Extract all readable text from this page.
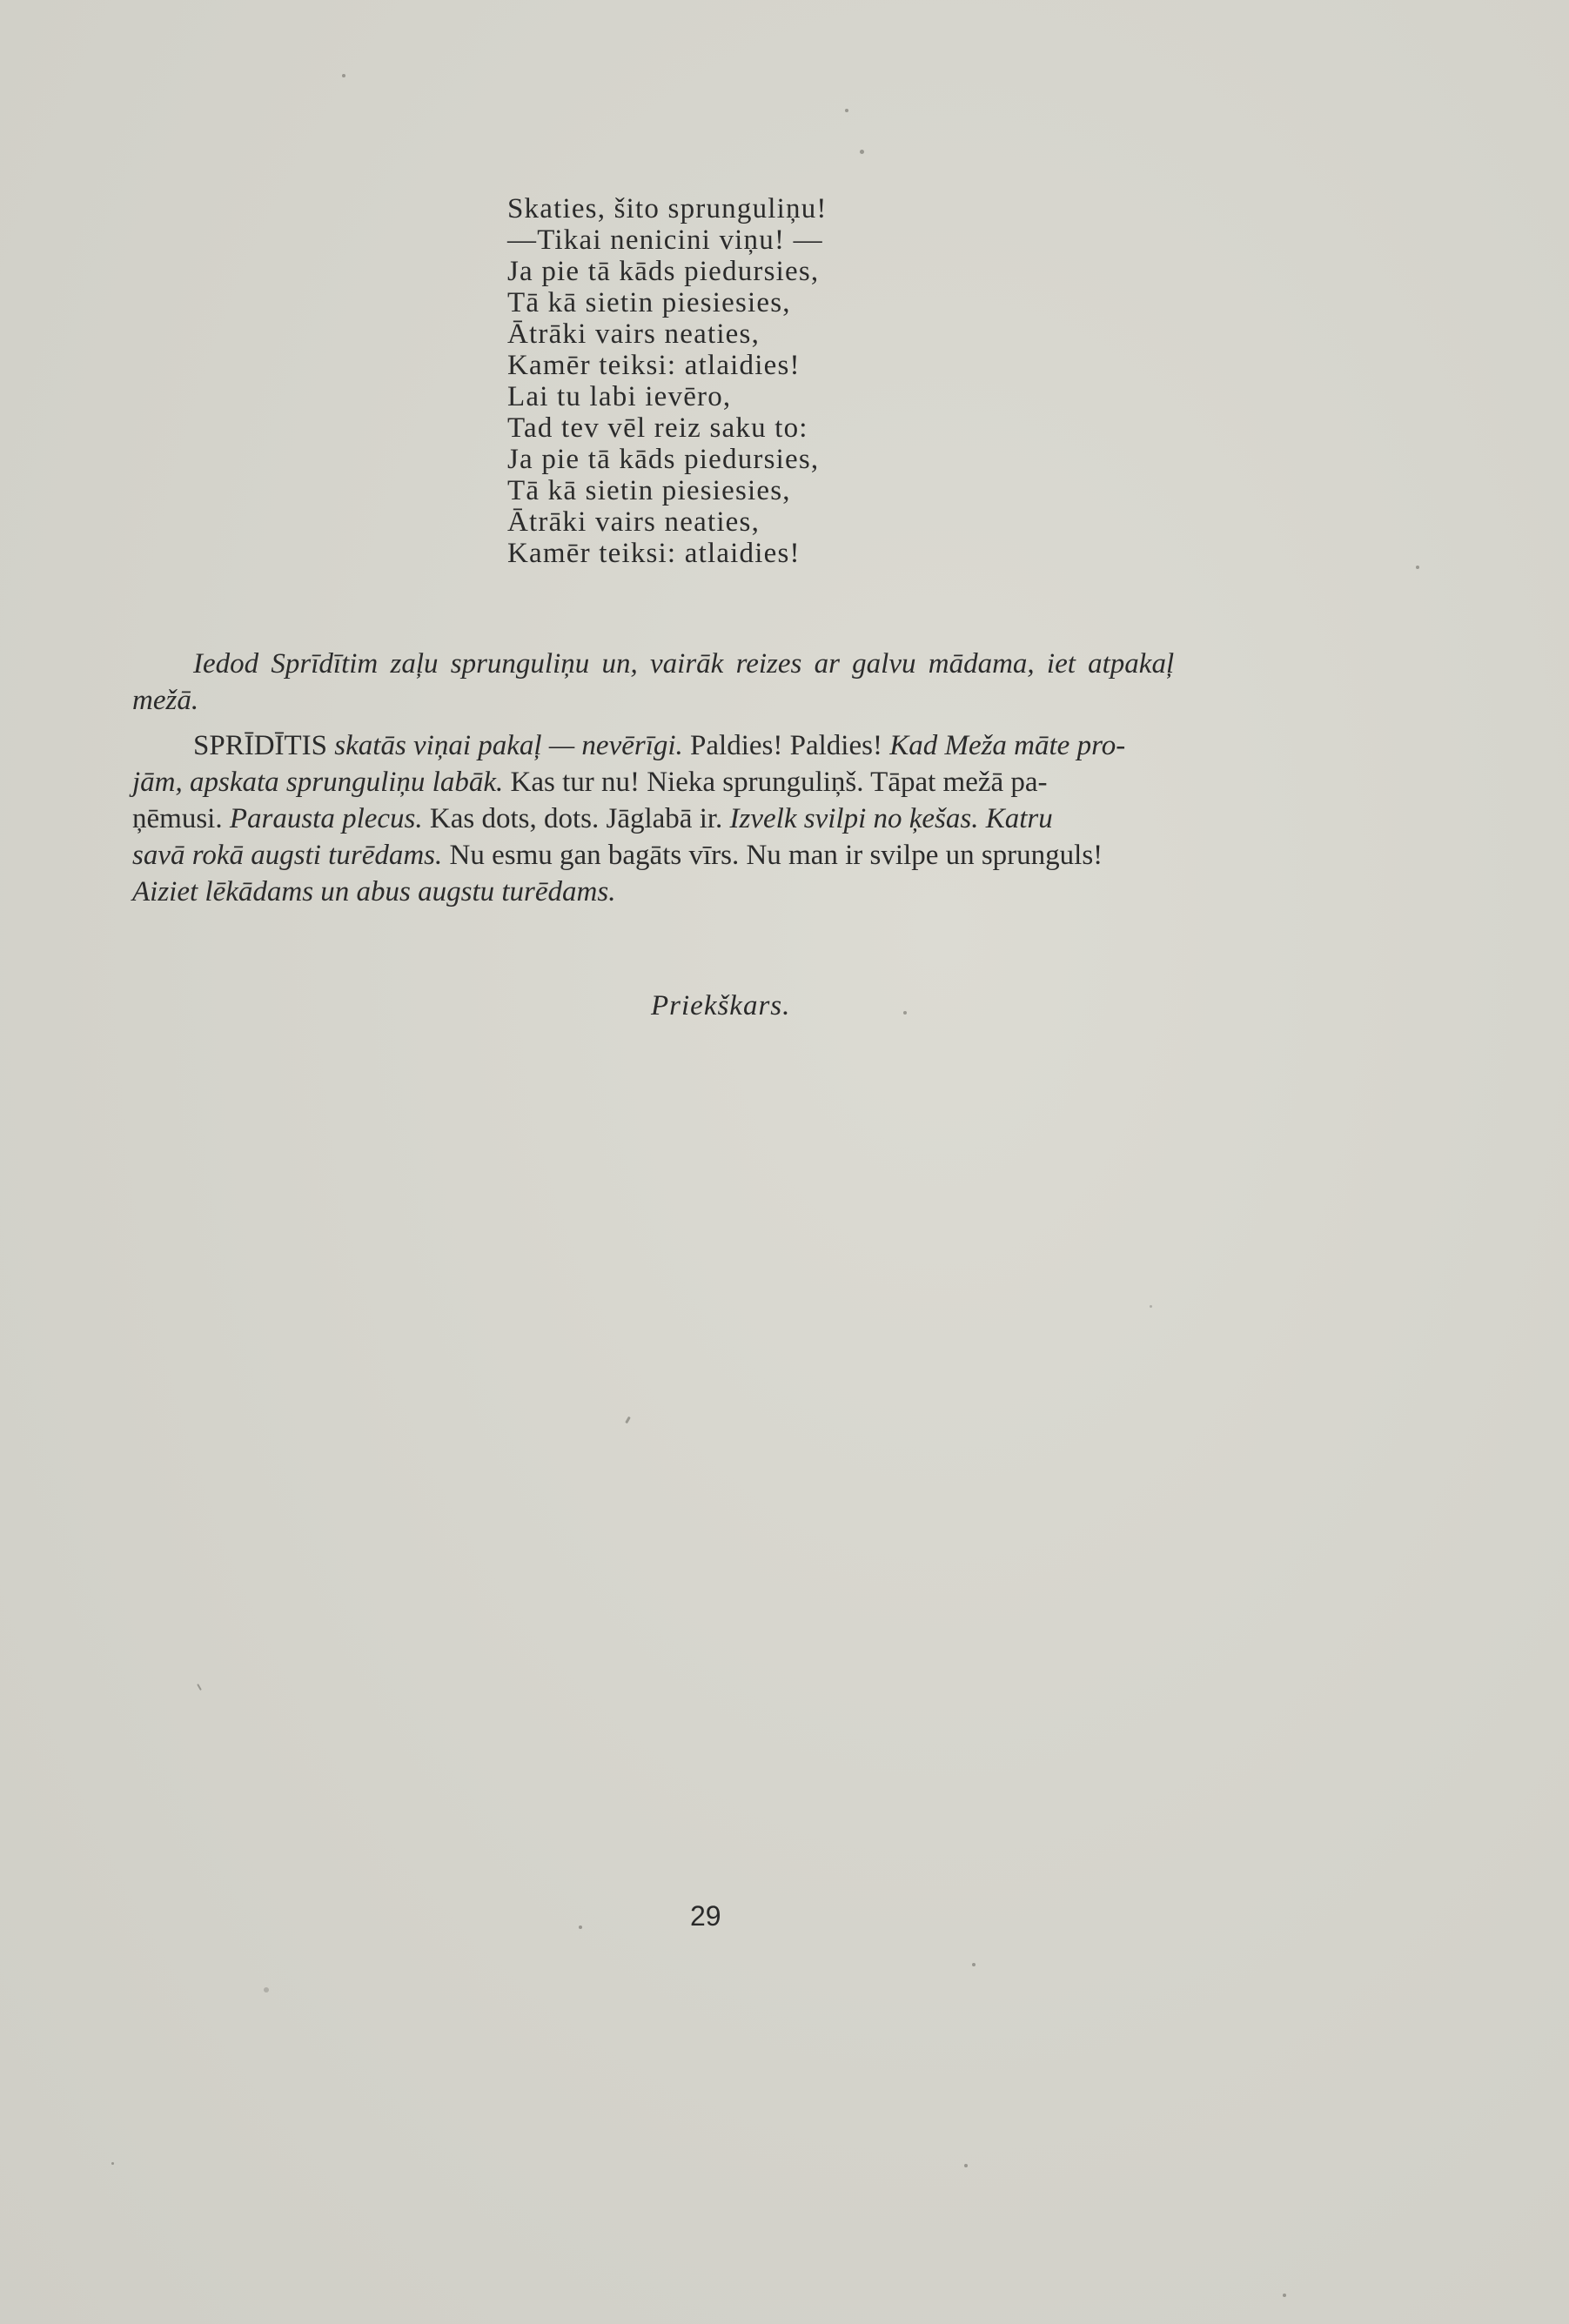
Skaties, šito sprunguliņu!
—Tikai nenicini viņu! —
Ja pie tā kāds piedursies,
Tā kā sietin piesiesies,
Ātrāki vairs neaties,
Kamēr teiksi: atlaidies!
Lai tu labi ievēro,
Tad tev vēl reiz saku to:
Ja pie tā kāds piedursies,
Tā kā sietin piesiesies,
Ātrāki vairs neaties,
Kamēr teiksi: atlaidies!
Iedod Sprīdītim zaļu sprunguliņu un, vairāk reizes ar galvu mādama, iet atpakaļ
mežā.
SPRĪDĪTIS skatās viņai pakaļ — nevērīgi. Paldies! Paldies! Kad Meža māte pro-
jām, apskata sprunguliņu labāk. Kas tur nu! Nieka sprunguliņš. Tāpat mežā pa-
ņēmusi. Parausta plecus. Kas dots, dots. Jāglabā ir. Izvelk svilpi no ķešas. Katru
savā rokā augsti turēdams. Nu esmu gan bagāts vīrs. Nu man ir svilpe un sprunguls!
Aiziet lēkādams un abus augstu turēdams.
Priekškars.
29
